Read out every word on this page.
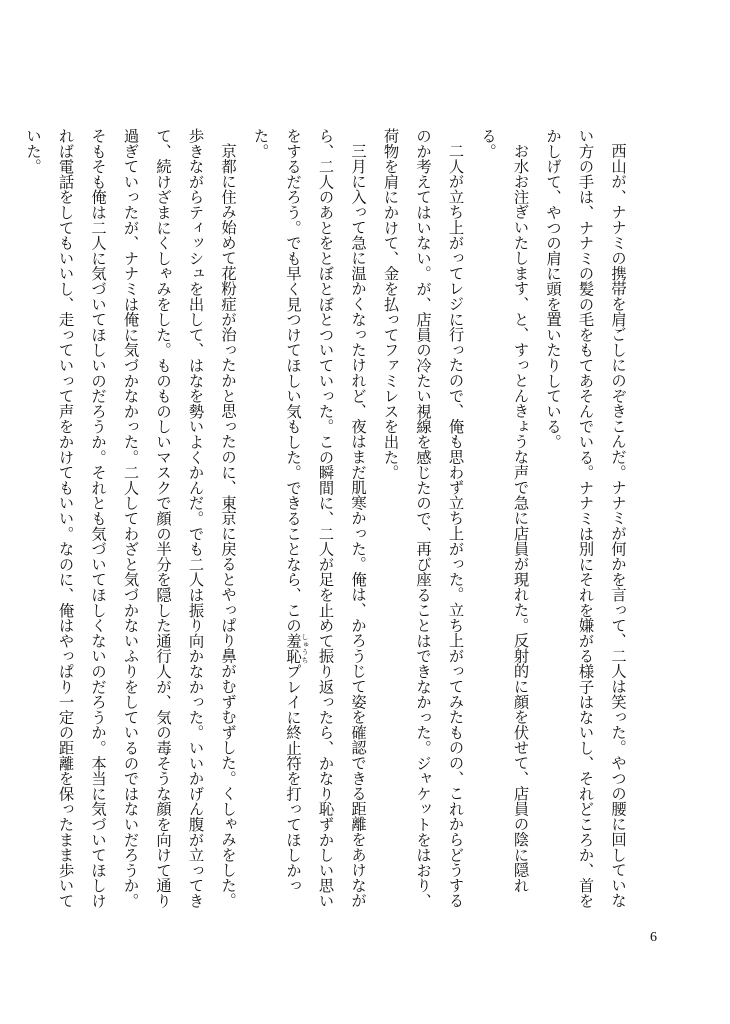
西山が、ナナミの携帯を肩ごしにのぞきこんだ。ナナミが何かを言って、二人は笑った。やつの腰に回していない方の手は、ナナミの髪の毛をもてあそんでいる。ナナミは別にそれを嫌がる様子はないし、それどころか、首をかしげて、やつの肩に頭を置いたりしている。
お水お注ぎいたします、と、すっとんきょうな声で急に店員が現れた。反射的に顔を伏せて、店員の陰に隠れる。
二人が立ち上がってレジに行ったので、俺も思わず立ち上がった。立ち上がってみたものの、これからどうするのか考えてはいない。が、店員の冷たい視線を感じたので、再び座ることはできなかった。ジャケットをはおり、荷物を肩にかけて、金を払ってファミレスを出た。
三月に入って急に温かくなったけれど、夜はまだ肌寒かった。俺は、かろうじて姿を確認できる距離をあけながら、二人のあとをとぼとぼとついていった。この瞬間に、二人が足を止めて振り返ったら、かなり恥ずかしい思いをするだろう。でも早く見つけてほしい気もした。できることなら、この羞恥 しゅうちプレイに終止符を打ってほしかった。
京都に住み始めて花粉症が治ったかと思ったのに、東京に戻るとやっぱり鼻がむずむずした。くしゃみをした。歩きながらティッシュを出して、はなを勢いよくかんだ。でも二人は振り向かなかった。いいかげん腹が立ってきて、続けざまにくしゃみをした。ものものしいマスクで顔の半分を隠した通行人が、気の毒そうな顔を向けて通り過ぎていったが、ナナミは俺に気づかなかった。二人してわざと気づかないふりをしているのではないだろうか。そもそも俺は二人に気づいてほしいのだろうか。それとも気づいてほしくないのだろうか。本当に気づいてほしければ電話をしてもいいし、走っていって声をかけてもいい。なのに、俺はやっぱり一定の距離を保ったまま歩いていた。
6
